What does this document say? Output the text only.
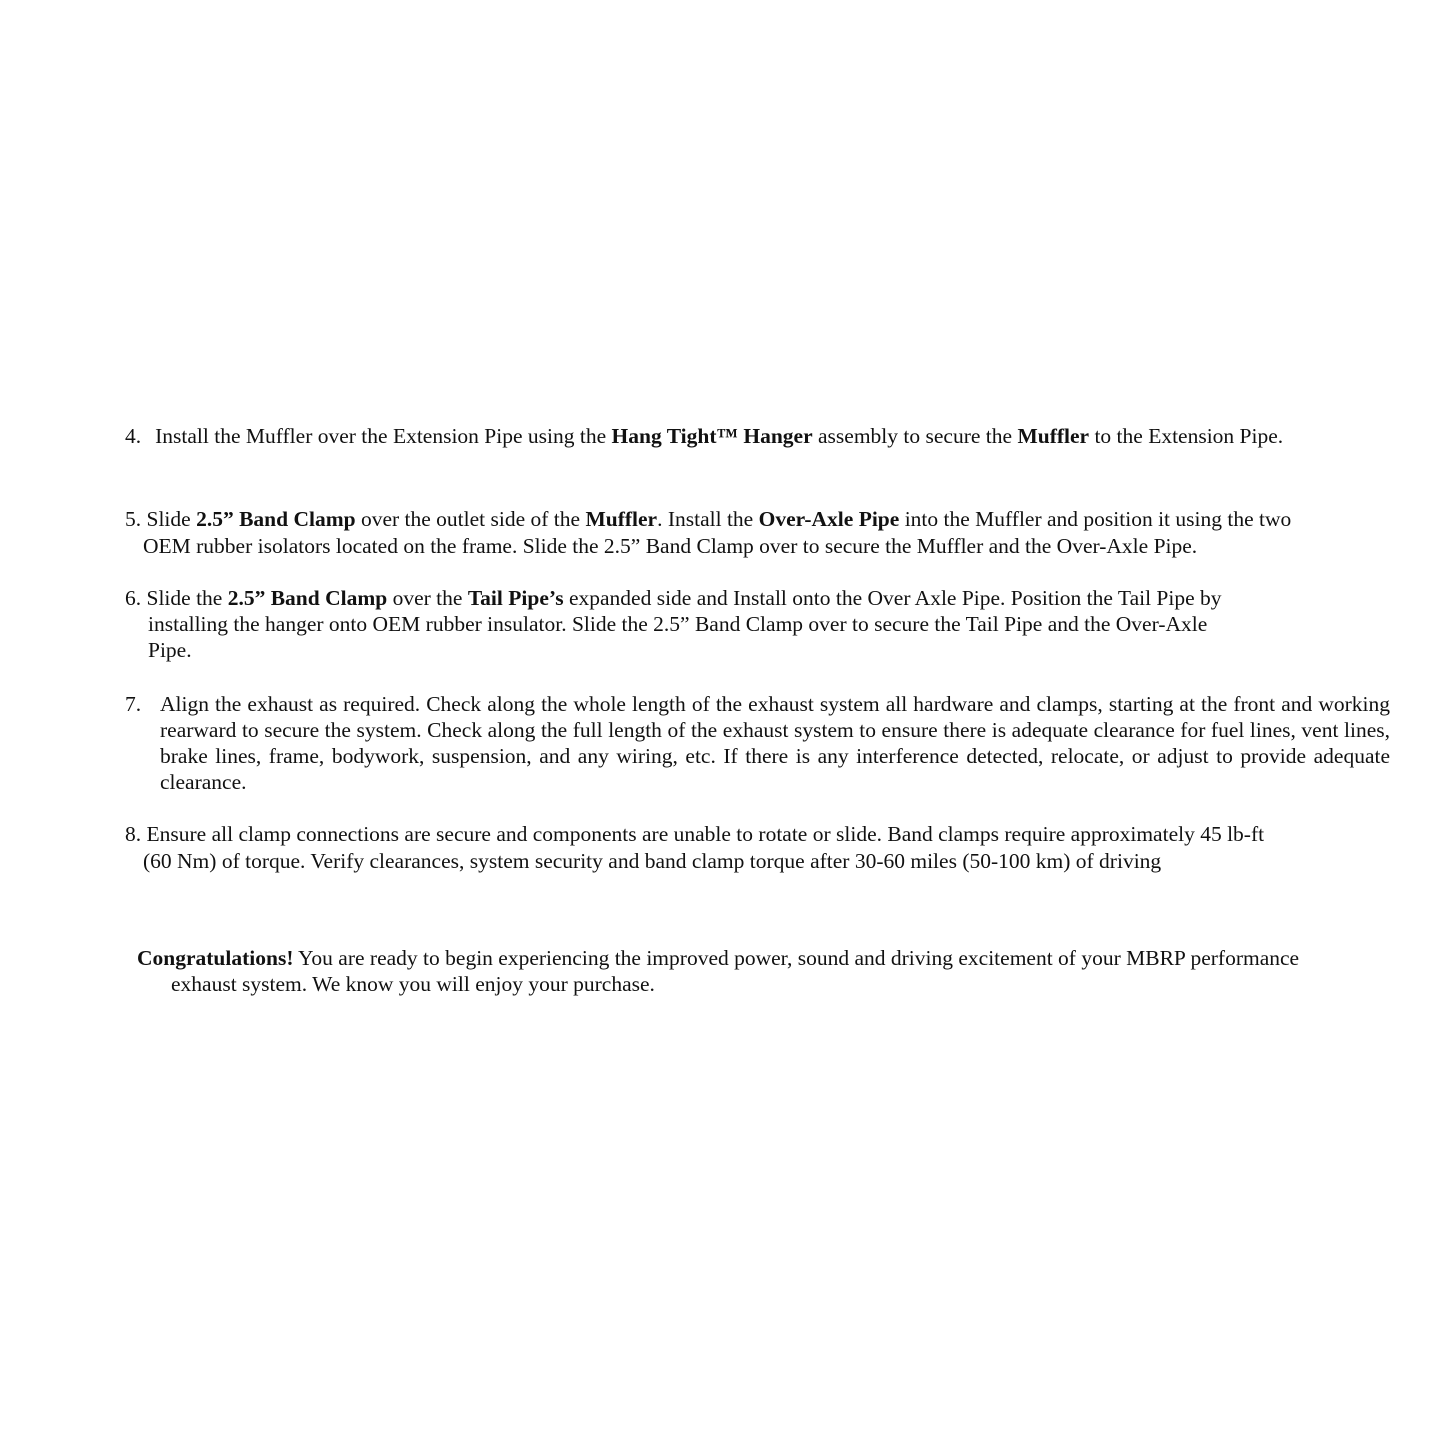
4. Install the Muffler over the Extension Pipe using the Hang Tight™ Hanger assembly to secure the Muffler to the Extension Pipe.

5. Slide 2.5” Band Clamp over the outlet side of the Muffler. Install the Over-Axle Pipe into the Muffler and position it using the two

OEM rubber isolators located on the frame. Slide the 2.5” Band Clamp over to secure the Muffler and the Over-Axle Pipe.

6. Slide the 2.5” Band Clamp over the Tail Pipe’s expanded side and Install onto the Over Axle Pipe. Position the Tail Pipe by

installing the hanger onto OEM rubber insulator. Slide the 2.5” Band Clamp over to secure the Tail Pipe and the Over-Axle

Pipe.

7. Align the exhaust as required. Check along the whole length of the exhaust system all hardware and clamps, starting at the front and working rearward to secure the system. Check along the full length of the exhaust system to ensure there is adequate clearance for fuel lines, vent lines, brake lines, frame, bodywork, suspension, and any wiring, etc. If there is any interference detected, relocate, or adjust to provide adequate clearance.

8. Ensure all clamp connections are secure and components are unable to rotate or slide. Band clamps require approximately 45 lb-ft

(60 Nm) of torque. Verify clearances, system security and band clamp torque after 30-60 miles (50-100 km) of driving

Congratulations! You are ready to begin experiencing the improved power, sound and driving excitement of your MBRP performance

exhaust system. We know you will enjoy your purchase.
